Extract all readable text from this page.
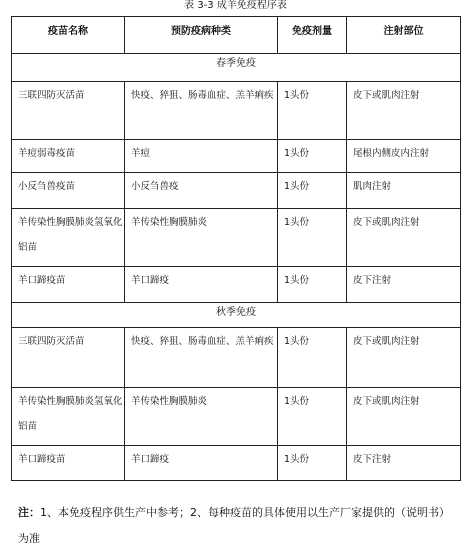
表 3-3 成羊免疫程序表
疫苗名称	预防疫病种类	免疫剂量	注射部位
春季免疫			

三联四防灭活苗	快疫、猝狙、肠毒血症、羔羊痢疾	1头份	皮下或肌肉注射

羊痘弱毒疫苗	羊痘	1头份	尾根内侧皮内注射

小反刍兽疫苗	小反刍兽疫	1头份	肌肉注射

羊传染性胸膜肺炎氢氧化铝苗	羊传染性胸膜肺炎	1头份	皮下或肌肉注射

羊口蹄疫苗	羊口蹄疫	1头份	皮下注射

秋季免疫			

三联四防灭活苗	快疫、猝狙、肠毒血症、羔羊痢疾	1头份	皮下或肌肉注射

羊传染性胸膜肺炎氢氧化铝苗	羊传染性胸膜肺炎	1头份	皮下或肌肉注射

羊口蹄疫苗	羊口蹄疫	1头份	皮下注射
注：1、本免疫程序供生产中参考；2、每种疫苗的具体使用以生产厂家提供的（说明书）为准
